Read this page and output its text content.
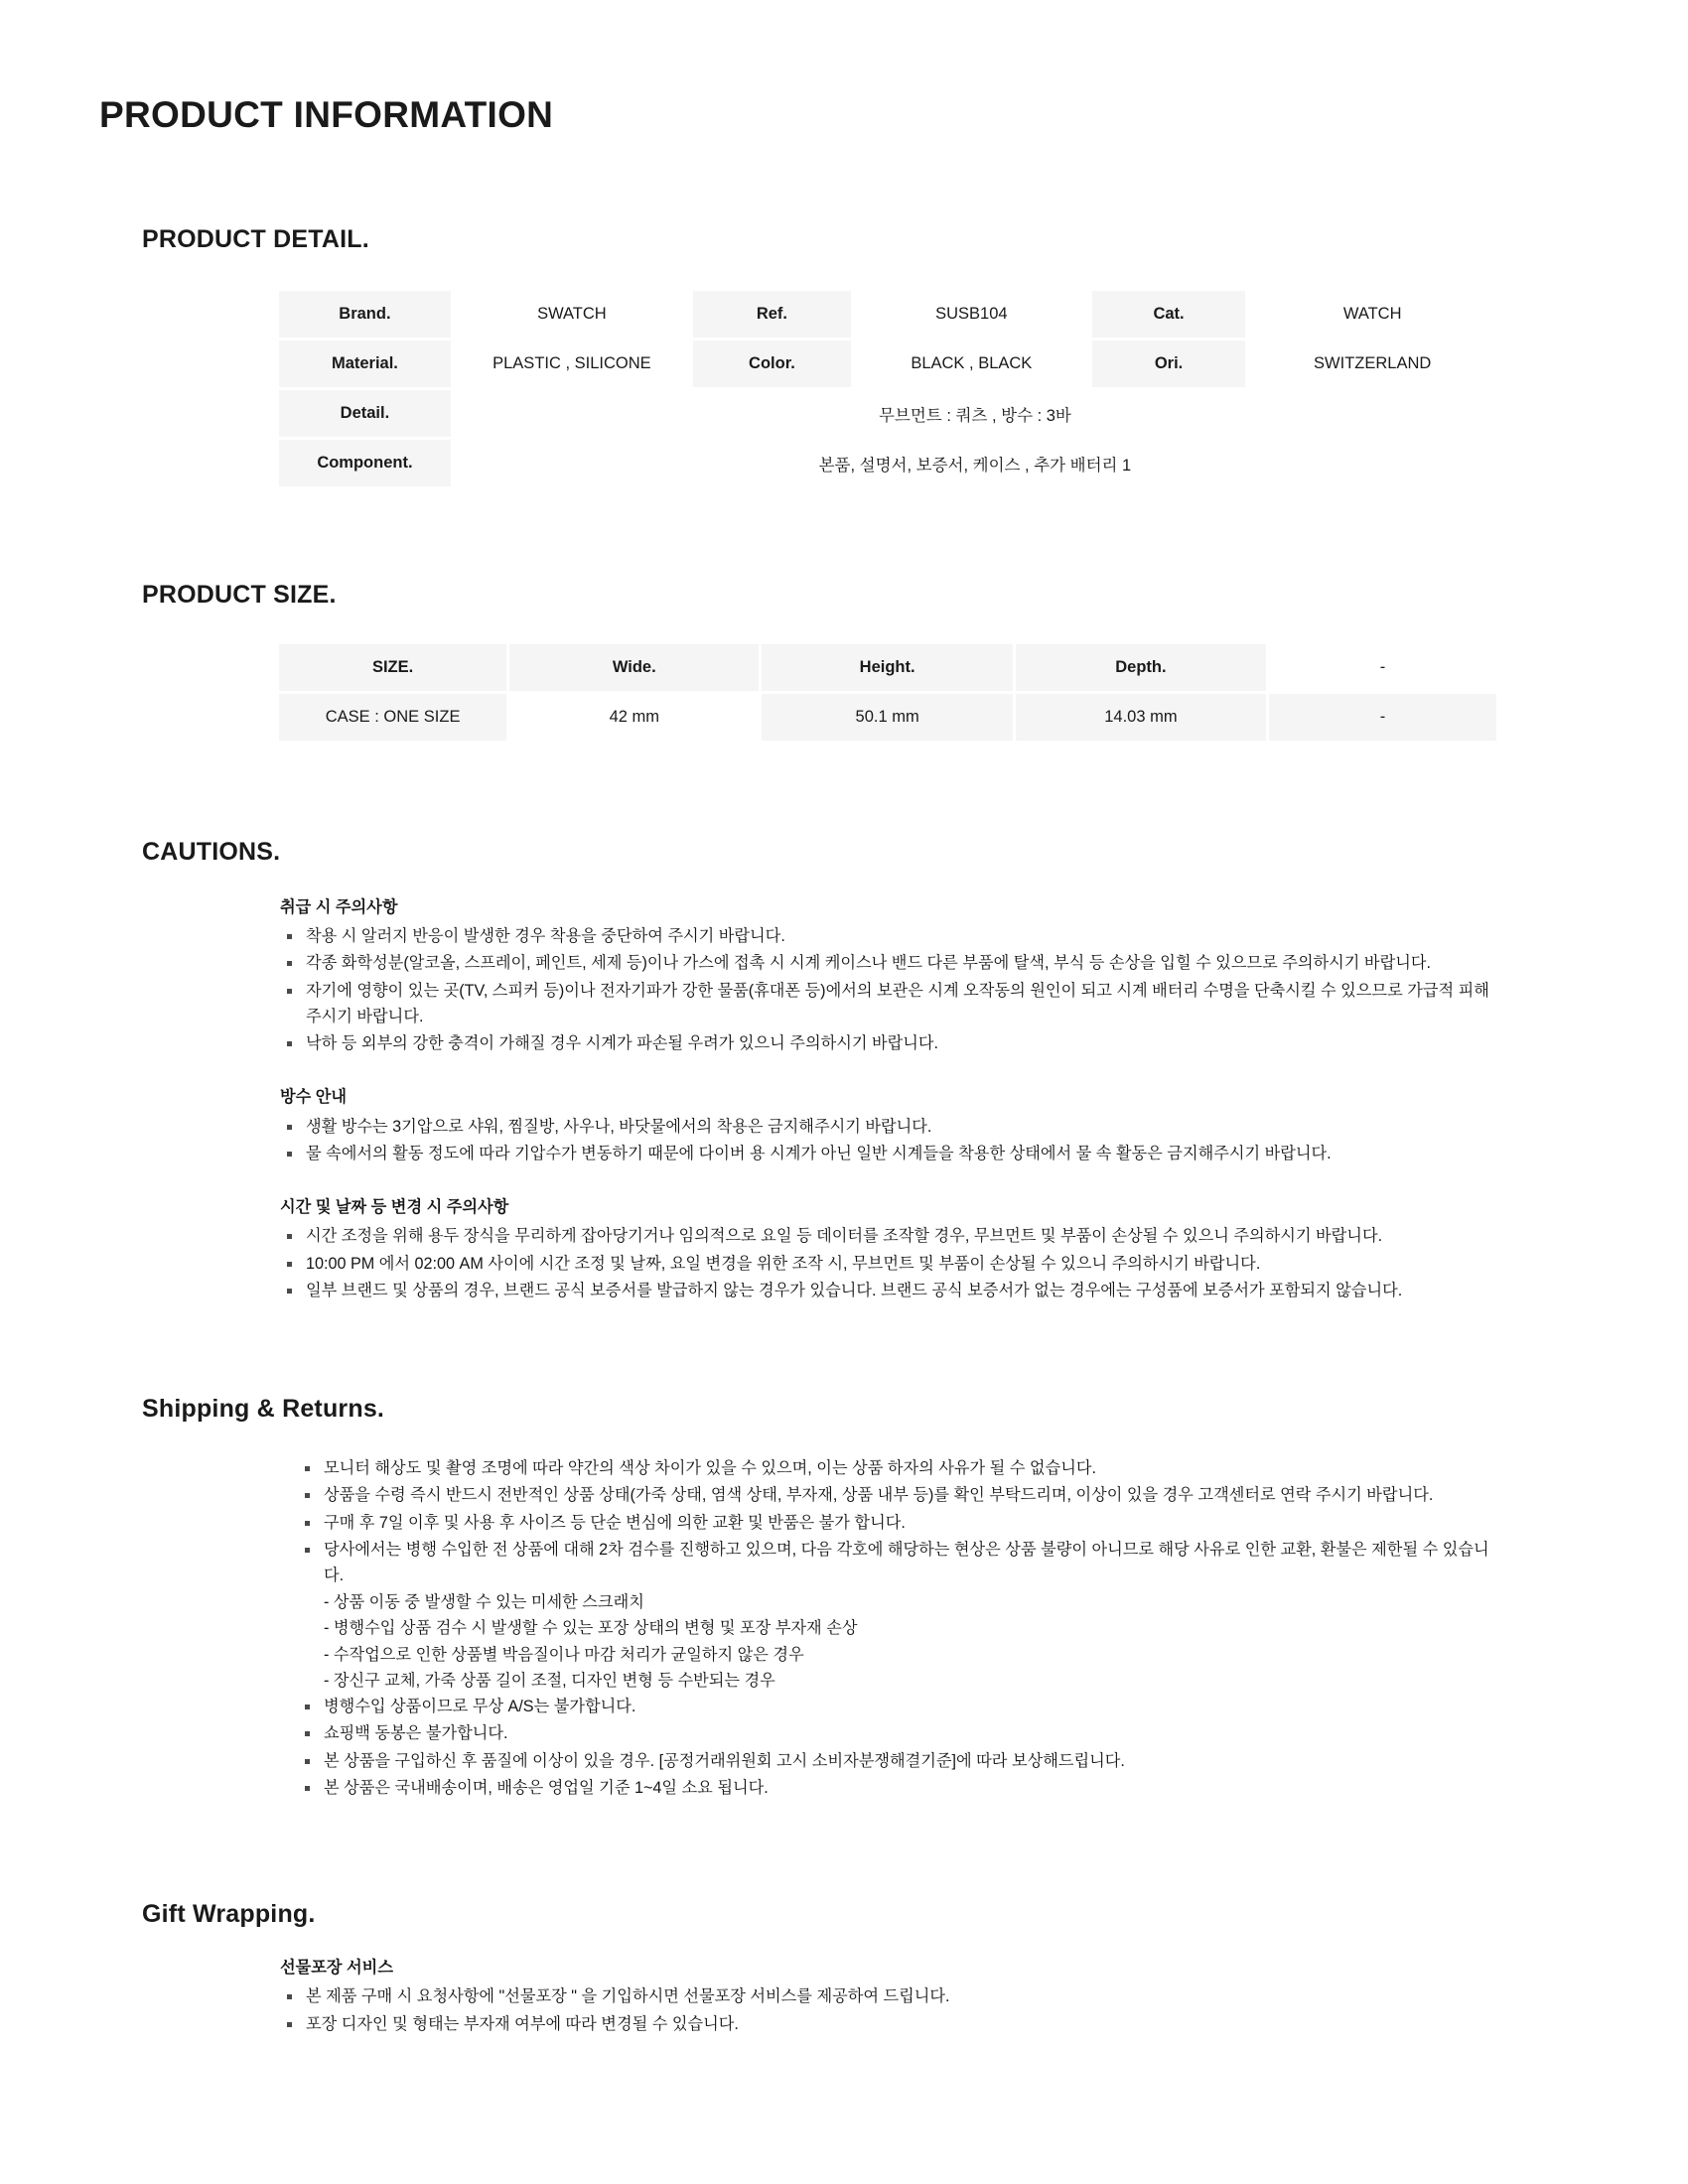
PRODUCT INFORMATION
PRODUCT DETAIL.
Brand.	SWATCH	Ref.	SUSB104	Cat.	WATCH
Material.	PLASTIC , SILICONE	Color.	BLACK , BLACK	Ori.	SWITZERLAND
Detail.	무브먼트 : 쿼츠 , 방수 : 3바				
Component.	본품, 설명서, 보증서, 케이스 , 추가 배터리 1				
PRODUCT SIZE.
SIZE.	Wide.	Height.	Depth.	-
CASE : ONE SIZE	42 mm	50.1 mm	14.03 mm	-
CAUTIONS.
취급 시 주의사항
착용 시 알러지 반응이 발생한 경우 착용을 중단하여 주시기 바랍니다.
각종 화학성분(알코올, 스프레이, 페인트, 세제 등)이나 가스에 접촉 시 시계 케이스나 밴드 다른 부품에 탈색, 부식 등 손상을 입힐 수 있으므로 주의하시기 바랍니다.
자기에 영향이 있는 곳(TV, 스피커 등)이나 전자기파가 강한 물품(휴대폰 등)에서의 보관은 시계 오작동의 원인이 되고 시계 배터리 수명을 단축시킬 수 있으므로 가급적 피해주시기 바랍니다.
낙하 등 외부의 강한 충격이 가해질 경우 시계가 파손될 우려가 있으니 주의하시기 바랍니다.
방수 안내
생활 방수는 3기압으로 샤워, 찜질방, 사우나, 바닷물에서의 착용은 금지해주시기 바랍니다.
물 속에서의 활동 정도에 따라 기압수가 변동하기 때문에 다이버 용 시계가 아닌 일반 시계들을 착용한 상태에서 물 속 활동은 금지해주시기 바랍니다.
시간 및 날짜 등 변경 시 주의사항
시간 조정을 위해 용두 장식을 무리하게 잡아당기거나 임의적으로 요일 등 데이터를 조작할 경우, 무브먼트 및 부품이 손상될 수 있으니 주의하시기 바랍니다.
10:00 PM 에서 02:00 AM 사이에 시간 조정 및 날짜, 요일 변경을 위한 조작 시, 무브먼트 및 부품이 손상될 수 있으니 주의하시기 바랍니다.
일부 브랜드 및 상품의 경우, 브랜드 공식 보증서를 발급하지 않는 경우가 있습니다. 브랜드 공식 보증서가 없는 경우에는 구성품에 보증서가 포함되지 않습니다.
Shipping & Returns.
모니터 해상도 및 촬영 조명에 따라 약간의 색상 차이가 있을 수 있으며, 이는 상품 하자의 사유가 될 수 없습니다.
상품을 수령 즉시 반드시 전반적인 상품 상태(가죽 상태, 염색 상태, 부자재, 상품 내부 등)를 확인 부탁드리며, 이상이 있을 경우 고객센터로 연락 주시기 바랍니다.
구매 후 7일 이후 및 사용 후 사이즈 등 단순 변심에 의한 교환 및 반품은 불가 합니다.
당사에서는 병행 수입한 전 상품에 대해 2차 검수를 진행하고 있으며, 다음 각호에 해당하는 현상은 상품 불량이 아니므로 해당 사유로 인한 교환, 환불은 제한될 수 있습니다.
- 상품 이동 중 발생할 수 있는 미세한 스크래치
- 병행수입 상품 검수 시 발생할 수 있는 포장 상태의 변형 및 포장 부자재 손상
- 수작업으로 인한 상품별 박음질이나 마감 처리가 균일하지 않은 경우
- 장신구 교체, 가죽 상품 길이 조절, 디자인 변형 등 수반되는 경우
병행수입 상품이므로 무상 A/S는 불가합니다.
쇼핑백 동봉은 불가합니다.
본 상품을 구입하신 후 품질에 이상이 있을 경우. [공정거래위원회 고시 소비자분쟁해결기준]에 따라 보상해드립니다.
본 상품은 국내배송이며, 배송은 영업일 기준 1~4일 소요 됩니다.
Gift Wrapping.
선물포장 서비스
본 제품 구매 시 요청사항에 "선물포장 " 을 기입하시면 선물포장 서비스를 제공하여 드립니다.
포장 디자인 및 형태는 부자재 여부에 따라 변경될 수 있습니다.
